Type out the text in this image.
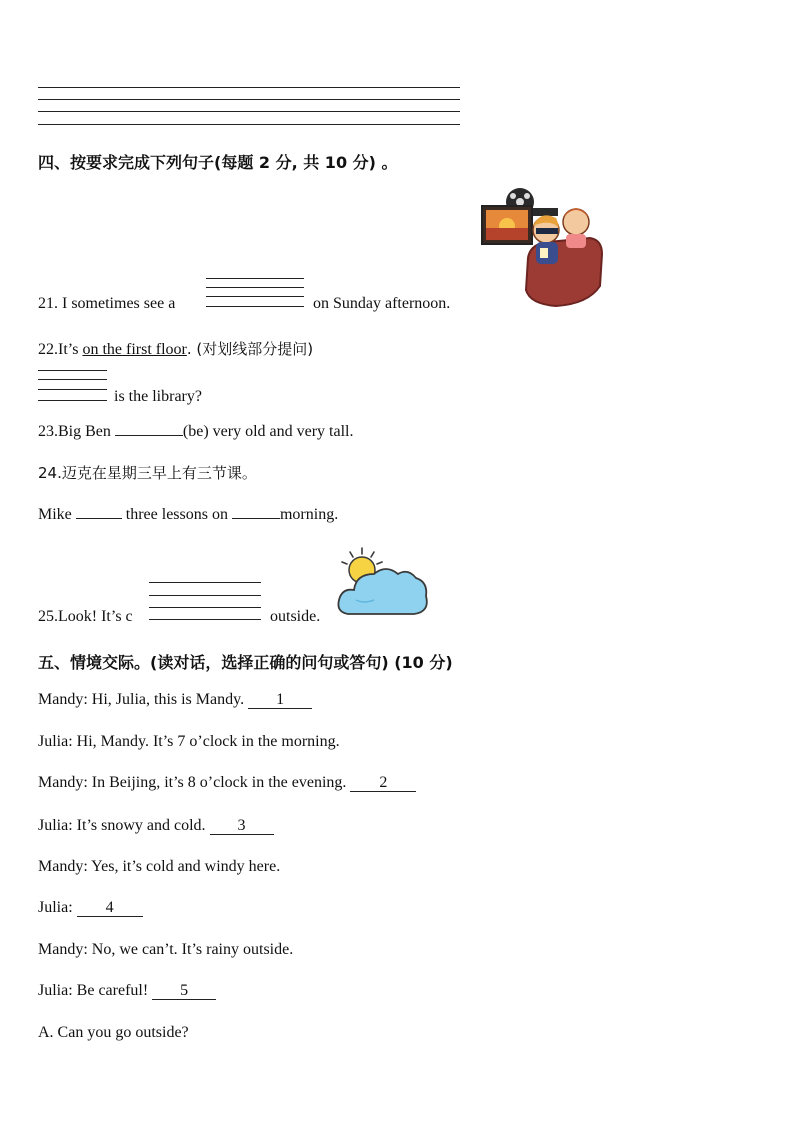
四、按要求完成下列句子(每题 2 分, 共 10 分) 。
21. I sometimes see a	on Sunday afternoon.
22.It’s on the first floor. (对划线部分提问)
is the library?
23.Big Ben	(be) very old and very tall.
24.迈克在星期三早上有三节课。
Mike	three lessons on	morning.
25.Look! It’s c	outside.
五、情境交际。(读对话，选择正确的问句或答句) (10 分)
Mandy: Hi, Julia, this is Mandy. 1
Julia: Hi, Mandy. It’s 7 o’clock in the morning.
Mandy: In Beijing, it’s 8 o’clock in the evening. 2
Julia: It’s snowy and cold. 3
Mandy: Yes, it’s cold and windy here.
Julia: 4
Mandy: No, we can’t. It’s rainy outside.
Julia: Be careful! 5
A. Can you go outside?
